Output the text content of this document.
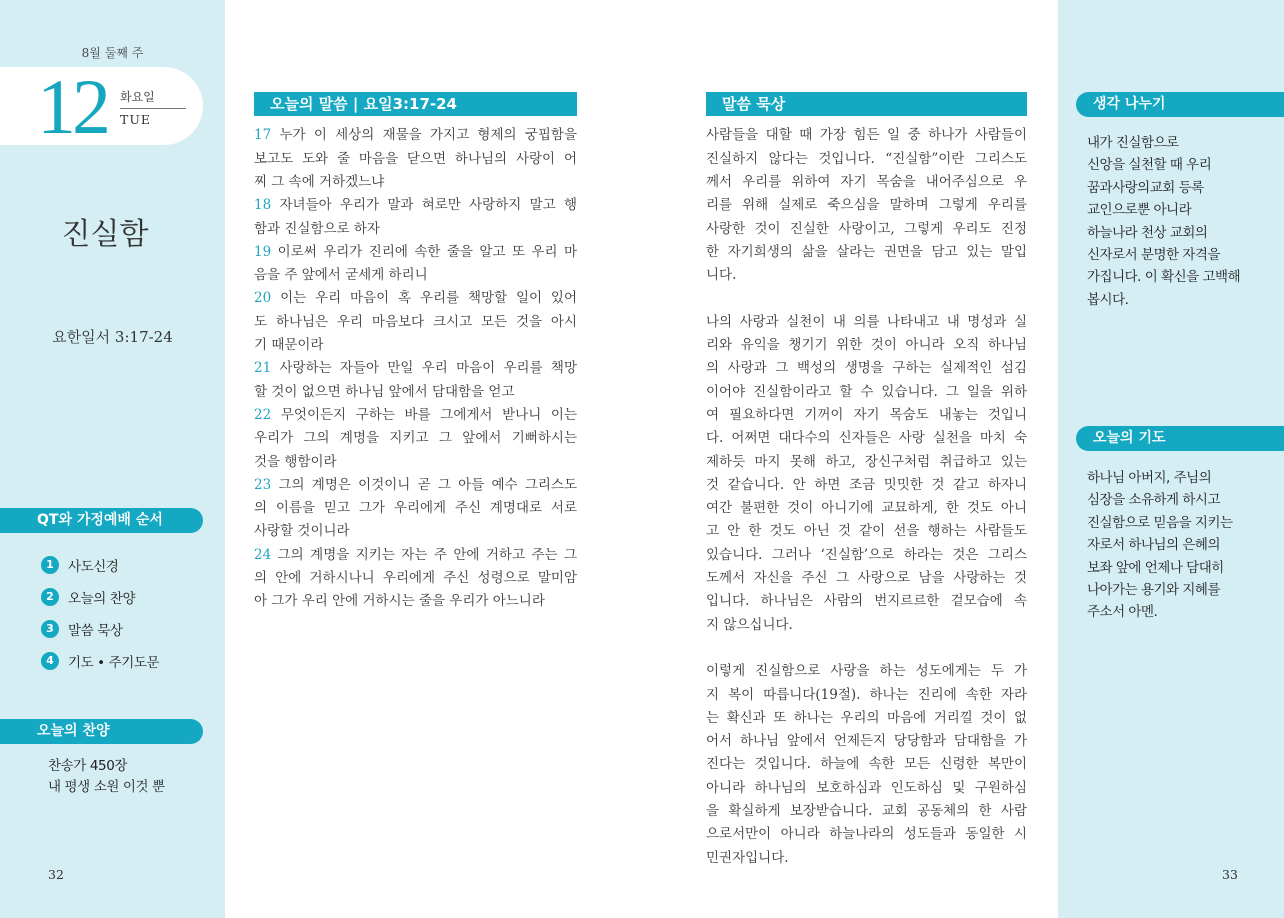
8월 둘째 주
12 화요일
TUE
진실함
요한일서 3:17-24
QT와 가정예배 순서
1	사도신경
2	오늘의 찬양
3	말씀 묵상
4	기도 • 주기도문
오늘의 찬양
찬송가 450장
내 평생 소원 이것 뿐
32
오늘의 말씀 | 요일3:17-24
17 누가 이 세상의 재물을 가지고 형제의 궁핍함을
보고도 도와 줄 마음을 닫으면 하나님의 사랑이 어
찌 그 속에 거하겠느냐
18 자녀들아 우리가 말과 혀로만 사랑하지 말고 행
함과 진실함으로 하자
19 이로써 우리가 진리에 속한 줄을 알고 또 우리 마
음을 주 앞에서 굳세게 하리니
20 이는 우리 마음이 혹 우리를 책망할 일이 있어
도 하나님은 우리 마음보다 크시고 모든 것을 아시
기 때문이라
21 사랑하는 자들아 만일 우리 마음이 우리를 책망
할 것이 없으면 하나님 앞에서 담대함을 얻고
22 무엇이든지 구하는 바를 그에게서 받나니 이는
우리가 그의 계명을 지키고 그 앞에서 기뻐하시는
것을 행함이라
23 그의 계명은 이것이니 곧 그 아들 예수 그리스도
의 이름을 믿고 그가 우리에게 주신 계명대로 서로
사랑할 것이니라
24 그의 계명을 지키는 자는 주 안에 거하고 주는 그
의 안에 거하시나니 우리에게 주신 성령으로 말미암
아 그가 우리 안에 거하시는 줄을 우리가 아느니라
말씀 묵상
사람들을 대할 때 가장 힘든 일 중 하나가 사람들이
진실하지 않다는 것입니다. “진실함”이란 그리스도
께서 우리를 위하여 자기 목숨을 내어주심으로 우
리를 위해 실제로 죽으심을 말하며 그렇게 우리를
사랑한 것이 진실한 사랑이고, 그렇게 우리도 진정
한 자기희생의 삶을 살라는 권면을 담고 있는 말입
니다.
나의 사랑과 실천이 내 의를 나타내고 내 명성과 실
리와 유익을 챙기기 위한 것이 아니라 오직 하나님
의 사랑과 그 백성의 생명을 구하는 실제적인 섬김
이어야 진실함이라고 할 수 있습니다. 그 일을 위하
여 필요하다면 기꺼이 자기 목숨도 내놓는 것입니
다. 어쩌면 대다수의 신자들은 사랑 실천을 마치 숙
제하듯 마지 못해 하고, 장신구처럼 취급하고 있는
것 같습니다. 안 하면 조금 밋밋한 것 같고 하자니
여간 불편한 것이 아니기에 교묘하게, 한 것도 아니
고 안 한 것도 아닌 것 같이 선을 행하는 사람들도
있습니다. 그러나 ‘진실함’으로 하라는 것은 그리스
도께서 자신을 주신 그 사랑으로 남을 사랑하는 것
입니다. 하나님은 사람의 번지르르한 겉모습에 속
지 않으십니다.
이렇게 진실함으로 사랑을 하는 성도에게는 두 가
지 복이 따릅니다(19절). 하나는 진리에 속한 자라
는 확신과 또 하나는 우리의 마음에 거리낄 것이 없
어서 하나님 앞에서 언제든지 당당함과 담대함을 가
진다는 것입니다. 하늘에 속한 모든 신령한 복만이
아니라 하나님의 보호하심과 인도하심 및 구원하심
을 확실하게 보장받습니다. 교회 공동체의 한 사람
으로서만이 아니라 하늘나라의 성도들과 동일한 시
민권자입니다.
생각 나누기
내가 진실함으로
신앙을 실천할 때 우리
꿈과사랑의교회 등록
교인으로뿐 아니라
하늘나라 천상 교회의
신자로서 분명한 자격을
가집니다. 이 확신을 고백해
봅시다.
오늘의 기도
하나님 아버지, 주님의
심장을 소유하게 하시고
진실함으로 믿음을 지키는
자로서 하나님의 은혜의
보좌 앞에 언제나 담대히
나아가는 용기와 지혜를
주소서 아멘.
33
